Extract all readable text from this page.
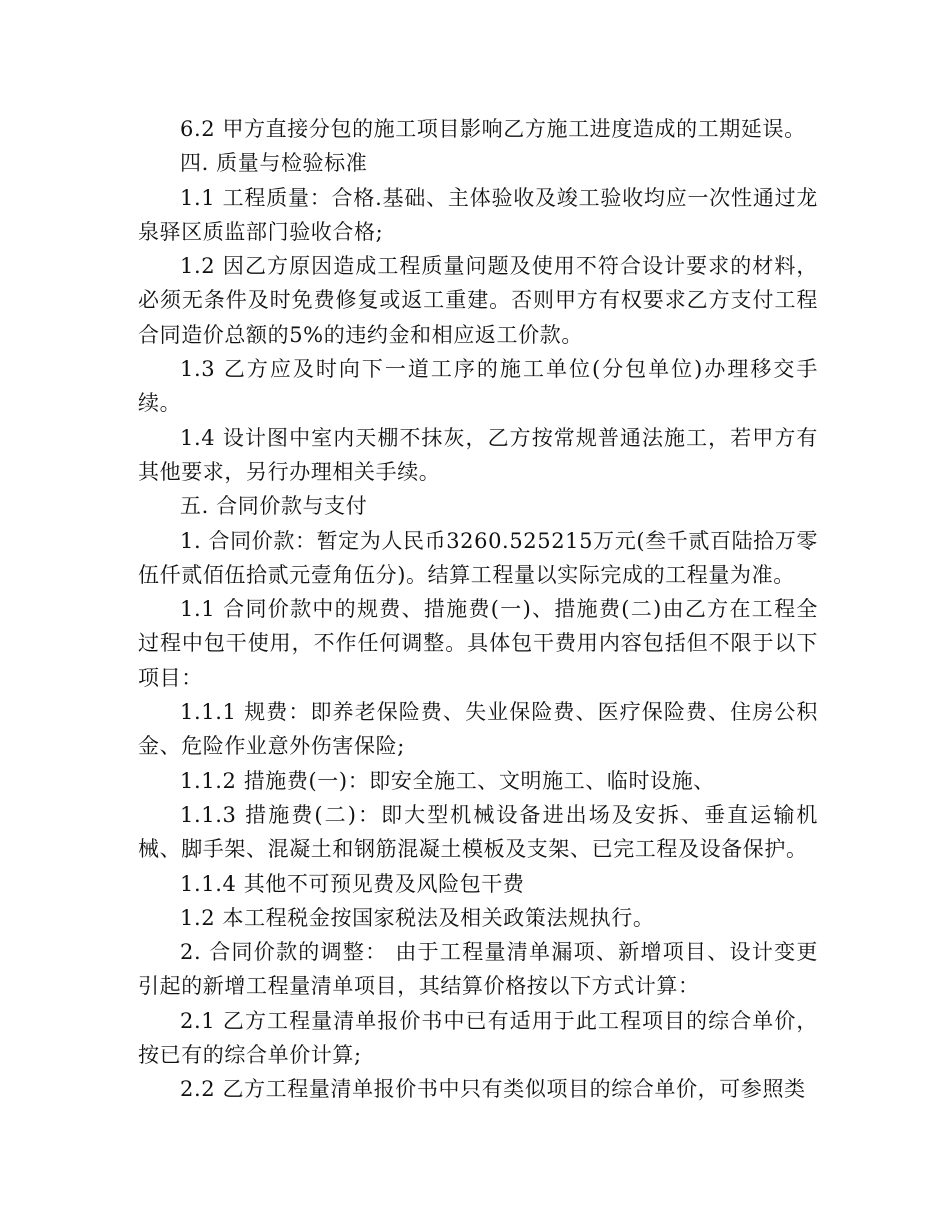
6.2 甲方直接分包的施工项目影响乙方施工进度造成的工期延误。

四. 质量与检验标准

1.1 工程质量：合格.基础、主体验收及竣工验收均应一次性通过龙泉驿区质监部门验收合格;

1.2 因乙方原因造成工程质量问题及使用不符合设计要求的材料，必须无条件及时免费修复或返工重建。否则甲方有权要求乙方支付工程合同造价总额的5%的违约金和相应返工价款。

1.3 乙方应及时向下一道工序的施工单位(分包单位)办理移交手续。

1.4 设计图中室内天棚不抹灰，乙方按常规普通法施工，若甲方有其他要求，另行办理相关手续。

五. 合同价款与支付

1. 合同价款：暂定为人民币3260.525215万元(叁千贰百陆拾万零伍仟贰佰伍拾贰元壹角伍分)。结算工程量以实际完成的工程量为准。

1.1 合同价款中的规费、措施费(一)、措施费(二)由乙方在工程全过程中包干使用，不作任何调整。具体包干费用内容包括但不限于以下项目：

1.1.1 规费：即养老保险费、失业保险费、医疗保险费、住房公积金、危险作业意外伤害保险;

1.1.2 措施费(一)：即安全施工、文明施工、临时设施、

1.1.3 措施费(二)：即大型机械设备进出场及安拆、垂直运输机械、脚手架、混凝土和钢筋混凝土模板及支架、已完工程及设备保护。

1.1.4 其他不可预见费及风险包干费

1.2 本工程税金按国家税法及相关政策法规执行。

2. 合同价款的调整： 由于工程量清单漏项、新增项目、设计变更引起的新增工程量清单项目，其结算价格按以下方式计算：

2.1 乙方工程量清单报价书中已有适用于此工程项目的综合单价，按已有的综合单价计算;

2.2 乙方工程量清单报价书中只有类似项目的综合单价，可参照类
